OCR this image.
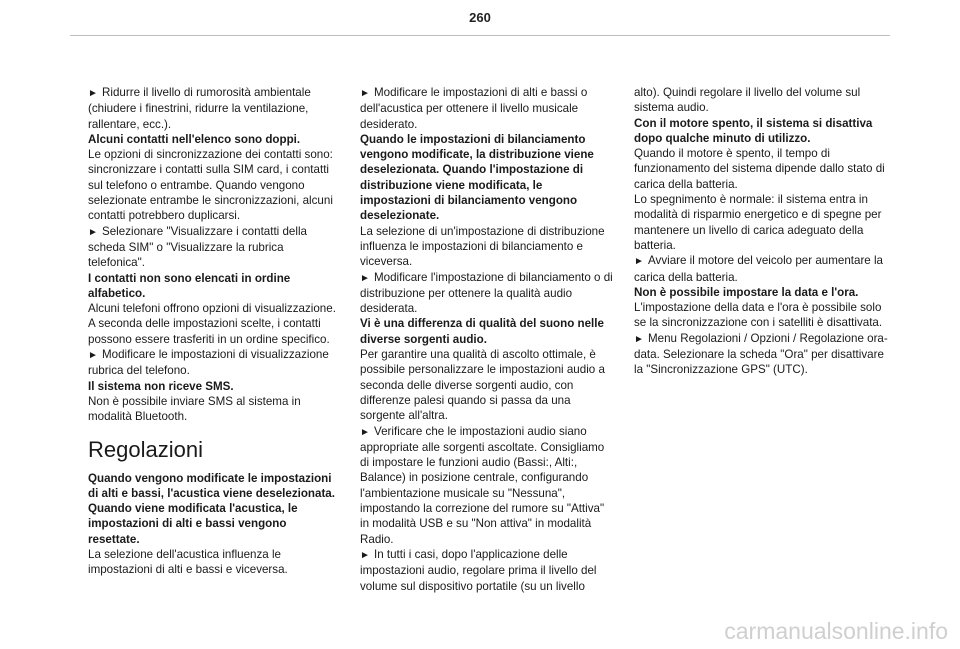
260

► Ridurre il livello di rumorosità ambientale (chiudere i finestrini, ridurre la ventilazione, rallentare, ecc.).

Alcuni contatti nell'elenco sono doppi.

Le opzioni di sincronizzazione dei contatti sono: sincronizzare i contatti sulla SIM card, i contatti sul telefono o entrambe. Quando vengono selezionate entrambe le sincronizzazioni, alcuni contatti potrebbero duplicarsi.

► Selezionare "Visualizzare i contatti della scheda SIM" o "Visualizzare la rubrica telefonica".

I contatti non sono elencati in ordine alfabetico.

Alcuni telefoni offrono opzioni di visualizzazione. A seconda delle impostazioni scelte, i contatti possono essere trasferiti in un ordine specifico.

► Modificare le impostazioni di visualizzazione rubrica del telefono.

Il sistema non riceve SMS.

Non è possibile inviare SMS al sistema in modalità Bluetooth.

Regolazioni

Quando vengono modificate le impostazioni di alti e bassi, l'acustica viene deselezionata. Quando viene modificata l'acustica, le impostazioni di alti e bassi vengono resettate.

La selezione dell'acustica influenza le impostazioni di alti e bassi e viceversa.

► Modificare le impostazioni di alti e bassi o dell'acustica per ottenere il livello musicale desiderato.

Quando le impostazioni di bilanciamento vengono modificate, la distribuzione viene deselezionata. Quando l'impostazione di distribuzione viene modificata, le impostazioni di bilanciamento vengono deselezionate.

La selezione di un'impostazione di distribuzione influenza le impostazioni di bilanciamento e viceversa.

► Modificare l'impostazione di bilanciamento o di distribuzione per ottenere la qualità audio desiderata.

Vi è una differenza di qualità del suono nelle diverse sorgenti audio.

Per garantire una qualità di ascolto ottimale, è possibile personalizzare le impostazioni audio a seconda delle diverse sorgenti audio, con differenze palesi quando si passa da una sorgente all'altra.

► Verificare che le impostazioni audio siano appropriate alle sorgenti ascoltate. Consigliamo di impostare le funzioni audio (Bassi:, Alti:, Balance) in posizione centrale, configurando l'ambientazione musicale su "Nessuna", impostando la correzione del rumore su "Attiva" in modalità USB e su "Non attiva" in modalità Radio.

► In tutti i casi, dopo l'applicazione delle impostazioni audio, regolare prima il livello del volume sul dispositivo portatile (su un livello

alto). Quindi regolare il livello del volume sul sistema audio.

Con il motore spento, il sistema si disattiva dopo qualche minuto di utilizzo.

Quando il motore è spento, il tempo di funzionamento del sistema dipende dallo stato di carica della batteria.

Lo spegnimento è normale: il sistema entra in modalità di risparmio energetico e di spegne per mantenere un livello di carica adeguato della batteria.

► Avviare il motore del veicolo per aumentare la carica della batteria.

Non è possibile impostare la data e l'ora.

L'impostazione della data e l'ora è possibile solo se la sincronizzazione con i satelliti è disattivata.

► Menu Regolazioni / Opzioni / Regolazione ora-data. Selezionare la scheda "Ora" per disattivare la "Sincronizzazione GPS" (UTC).

carmanualsonline.info
